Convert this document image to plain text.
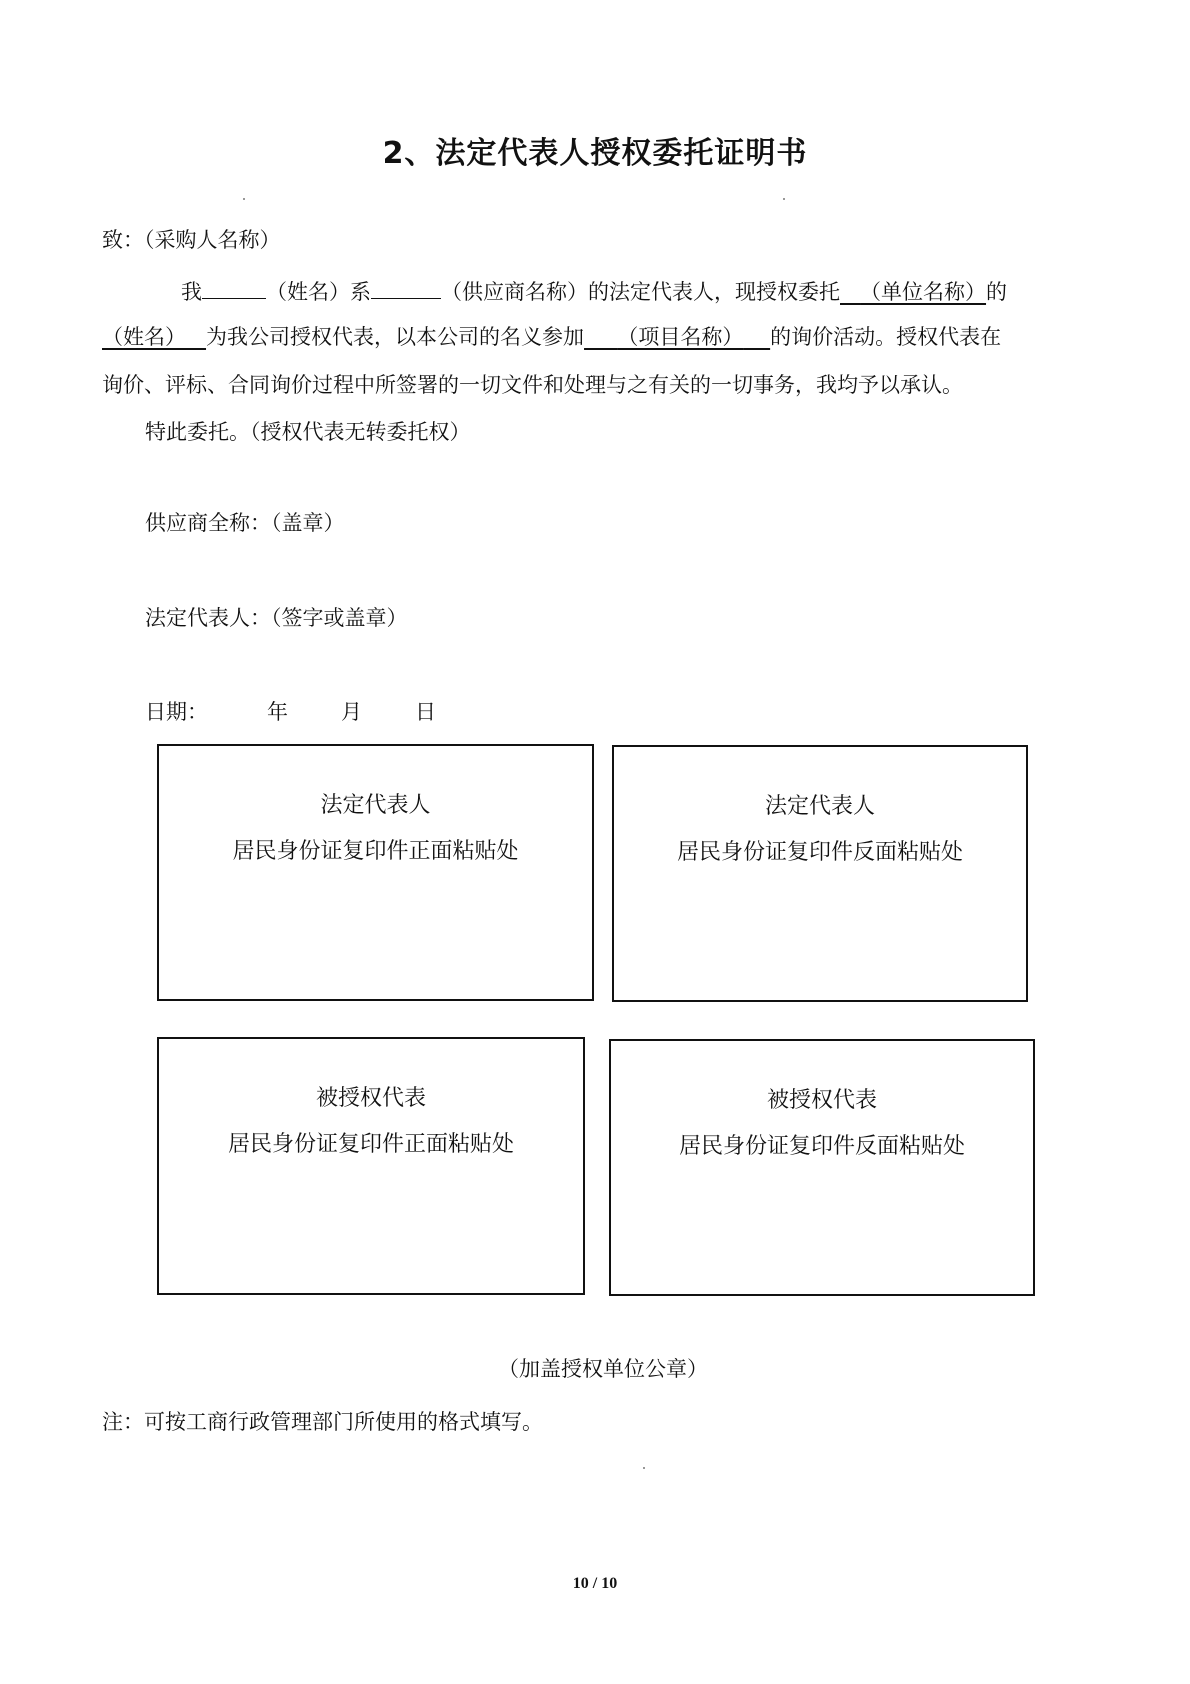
2、法定代表人授权委托证明书
致：（采购人名称）
我	（姓名）系	（供应商名称）的法定代表人，现授权委托 （单位名称）的
（姓名） 为我公司授权代表，以本公司的名义参加 （项目名称） 的询价活动。授权代表在
询价、评标、合同询价过程中所签署的一切文件和处理与之有关的一切事务，我均予以承认。
特此委托。（授权代表无转委托权）
供应商全称：（盖章）
法定代表人：（签字或盖章）
日期：	年	月	日
法定代表人
居民身份证复印件正面粘贴处
法定代表人
居民身份证复印件反面粘贴处
被授权代表
居民身份证复印件正面粘贴处
被授权代表
居民身份证复印件反面粘贴处
（加盖授权单位公章）
注：可按工商行政管理部门所使用的格式填写。
10 / 10
